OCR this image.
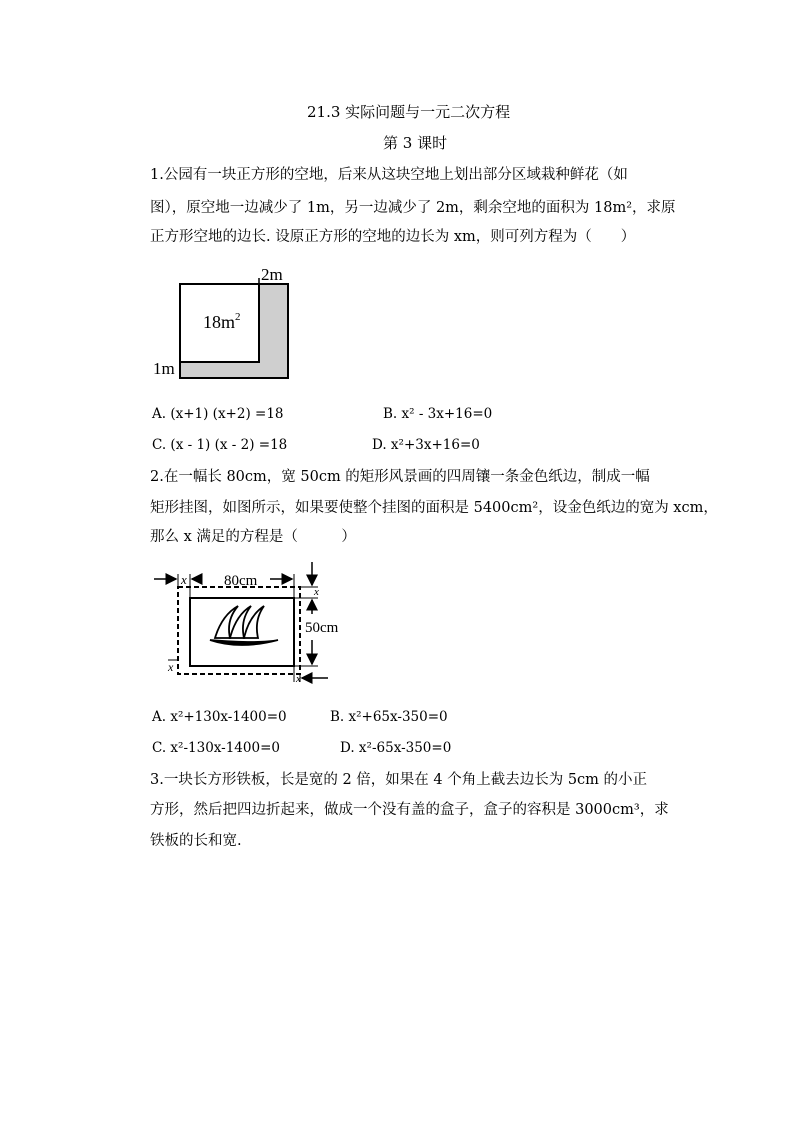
21.3 实际问题与一元二次方程
第 3 课时
1.公园有一块正方形的空地，后来从这块空地上划出部分区域栽种鲜花（如
图），原空地一边减少了 1m，另一边减少了 2m，剩余空地的面积为 18m²，求原
正方形空地的边长. 设原正方形的空地的边长为 xm，则可列方程为（　　）
2m
$18m^2$
1m
A. (x+1) (x+2) =18	B. x² - 3x+16=0
C. (x - 1) (x - 2) =18	D. x²+3x+16=0
2.在一幅长 80cm，宽 50cm 的矩形风景画的四周镶一条金色纸边，制成一幅
矩形挂图，如图所示，如果要使整个挂图的面积是 5400cm²，设金色纸边的宽为 xcm，
那么 x 满足的方程是（　　　）
x 80cm
x
50cm
x
x
A. x²+130x-1400=0	B. x²+65x-350=0
C. x²-130x-1400=0	D. x²-65x-350=0
3.一块长方形铁板，长是宽的 2 倍，如果在 4 个角上截去边长为 5cm 的小正
方形，然后把四边折起来，做成一个没有盖的盒子，盒子的容积是 3000cm³，求
铁板的长和宽.
